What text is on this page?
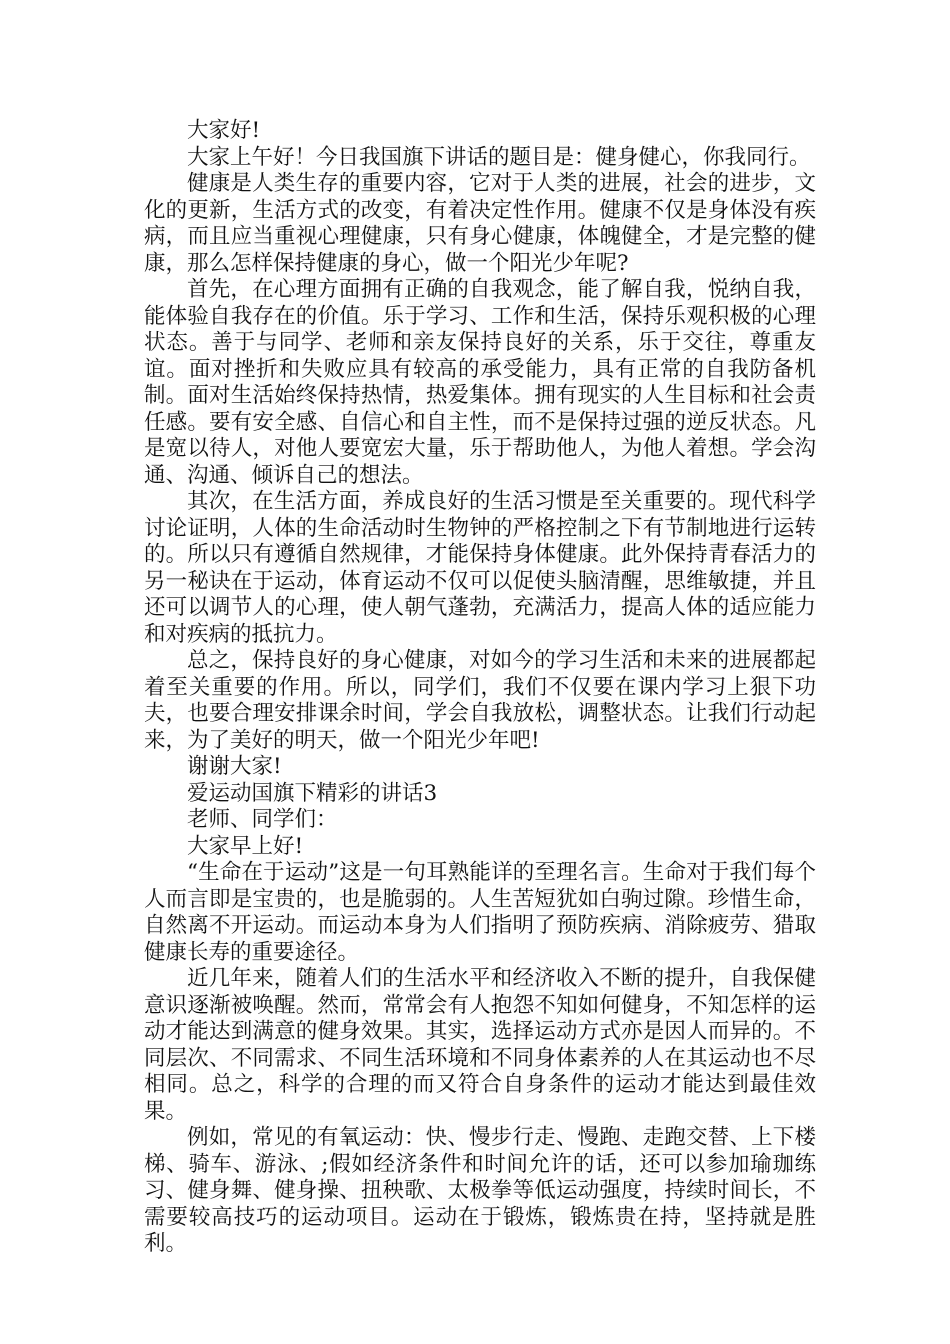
大家好!

大家上午好！今日我国旗下讲话的题目是：健身健心，你我同行。

健康是人类生存的重要内容，它对于人类的进展，社会的进步，文化的更新，生活方式的改变，有着决定性作用。健康不仅是身体没有疾病，而且应当重视心理健康，只有身心健康，体魄健全，才是完整的健康，那么怎样保持健康的身心，做一个阳光少年呢?

首先，在心理方面拥有正确的自我观念，能了解自我，悦纳自我，能体验自我存在的价值。乐于学习、工作和生活，保持乐观积极的心理状态。善于与同学、老师和亲友保持良好的关系，乐于交往，尊重友谊。面对挫折和失败应具有较高的承受能力，具有正常的自我防备机制。面对生活始终保持热情，热爱集体。拥有现实的人生目标和社会责任感。要有安全感、自信心和自主性，而不是保持过强的逆反状态。凡是宽以待人，对他人要宽宏大量，乐于帮助他人，为他人着想。学会沟通、沟通、倾诉自己的想法。

其次，在生活方面，养成良好的生活习惯是至关重要的。现代科学讨论证明，人体的生命活动时生物钟的严格控制之下有节制地进行运转的。所以只有遵循自然规律，才能保持身体健康。此外保持青春活力的另一秘诀在于运动，体育运动不仅可以促使头脑清醒，思维敏捷，并且还可以调节人的心理，使人朝气蓬勃，充满活力，提高人体的适应能力和对疾病的抵抗力。

总之，保持良好的身心健康，对如今的学习生活和未来的进展都起着至关重要的作用。所以，同学们，我们不仅要在课内学习上狠下功夫，也要合理安排课余时间，学会自我放松，调整状态。让我们行动起来，为了美好的明天，做一个阳光少年吧!

谢谢大家!

爱运动国旗下精彩的讲话3

老师、同学们：

大家早上好!

“生命在于运动”这是一句耳熟能详的至理名言。生命对于我们每个人而言即是宝贵的，也是脆弱的。人生苦短犹如白驹过隙。珍惜生命，自然离不开运动。而运动本身为人们指明了预防疾病、消除疲劳、猎取健康长寿的重要途径。

近几年来，随着人们的生活水平和经济收入不断的提升，自我保健意识逐渐被唤醒。然而，常常会有人抱怨不知如何健身，不知怎样的运动才能达到满意的健身效果。其实，选择运动方式亦是因人而异的。不同层次、不同需求、不同生活环境和不同身体素养的人在其运动也不尽相同。总之，科学的合理的而又符合自身条件的运动才能达到最佳效果。

例如，常见的有氧运动：快、慢步行走、慢跑、走跑交替、上下楼梯、骑车、游泳、;假如经济条件和时间允许的话，还可以参加瑜珈练习、健身舞、健身操、扭秧歌、太极拳等低运动强度，持续时间长，不需要较高技巧的运动项目。运动在于锻炼，锻炼贵在持，坚持就是胜利。
